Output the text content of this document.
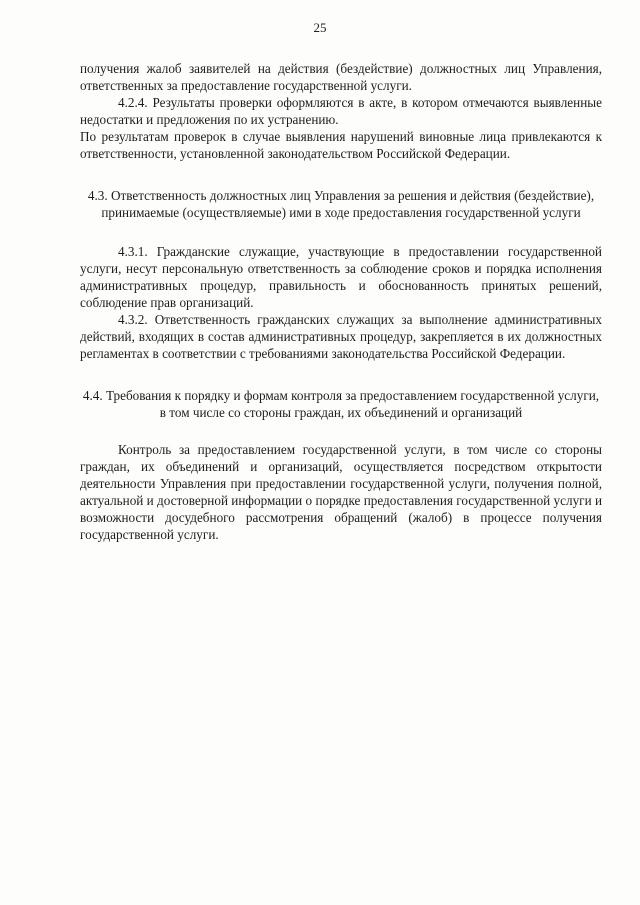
25

получения жалоб заявителей на действия (бездействие) должностных лиц Управления, ответственных за предоставление государственной услуги.

4.2.4. Результаты проверки оформляются в акте, в котором отмечаются выявленные недостатки и предложения по их устранению.

По результатам проверок в случае выявления нарушений виновные лица привлекаются к ответственности, установленной законодательством Российской Федерации.

4.3. Ответственность должностных лиц Управления за решения и действия (бездействие), принимаемые (осуществляемые) ими в ходе предоставления государственной услуги

4.3.1. Гражданские служащие, участвующие в предоставлении государственной услуги, несут персональную ответственность за соблюдение сроков и порядка исполнения административных процедур, правильность и обоснованность принятых решений, соблюдение прав организаций.

4.3.2. Ответственность гражданских служащих за выполнение административных действий, входящих в состав административных процедур, закрепляется в их должностных регламентах в соответствии с требованиями законодательства Российской Федерации.

4.4. Требования к порядку и формам контроля за предоставлением государственной услуги, в том числе со стороны граждан, их объединений и организаций

Контроль за предоставлением государственной услуги, в том числе со стороны граждан, их объединений и организаций, осуществляется посредством открытости деятельности Управления при предоставлении государственной услуги, получения полной, актуальной и достоверной информации о порядке предоставления государственной услуги и возможности досудебного рассмотрения обращений (жалоб) в процессе получения государственной услуги.
